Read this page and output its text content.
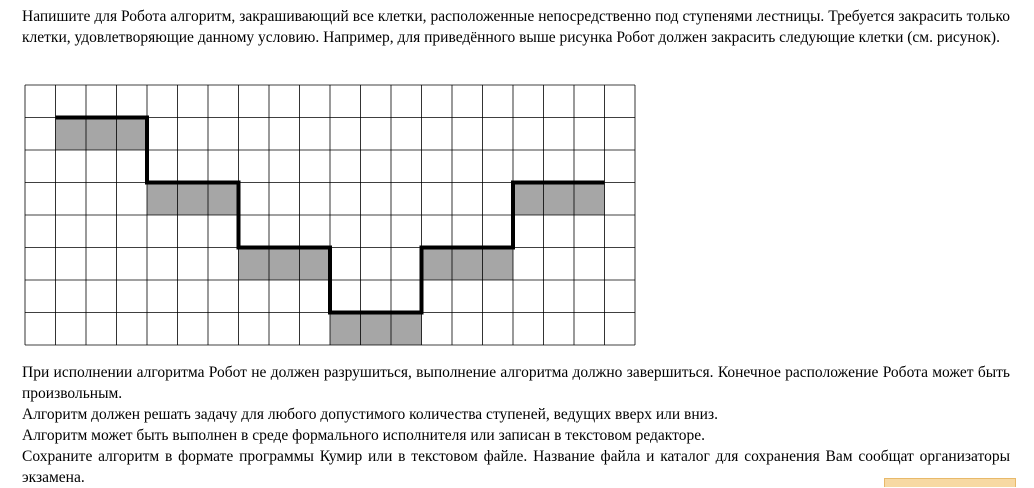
Напишите для Робота алгоритм, закрашивающий все клетки, расположенные непосредственно под ступенями лестницы. Требуется закрасить только клетки, удовлетворяющие данному условию. Например, для приведённого выше рисунка Робот должен закрасить следующие клетки (см. рисунок).

При исполнении алгоритма Робот не должен разрушиться, выполнение алгоритма должно завершиться. Конечное расположение Робота может быть произвольным.

Алгоритм должен решать задачу для любого допустимого количества ступеней, ведущих вверх или вниз.

Алгоритм может быть выполнен в среде формального исполнителя или записан в текстовом редакторе.

Сохраните алгоритм в формате программы Кумир или в текстовом файле. Название файла и каталог для сохранения Вам сообщат организаторы экзамена.
